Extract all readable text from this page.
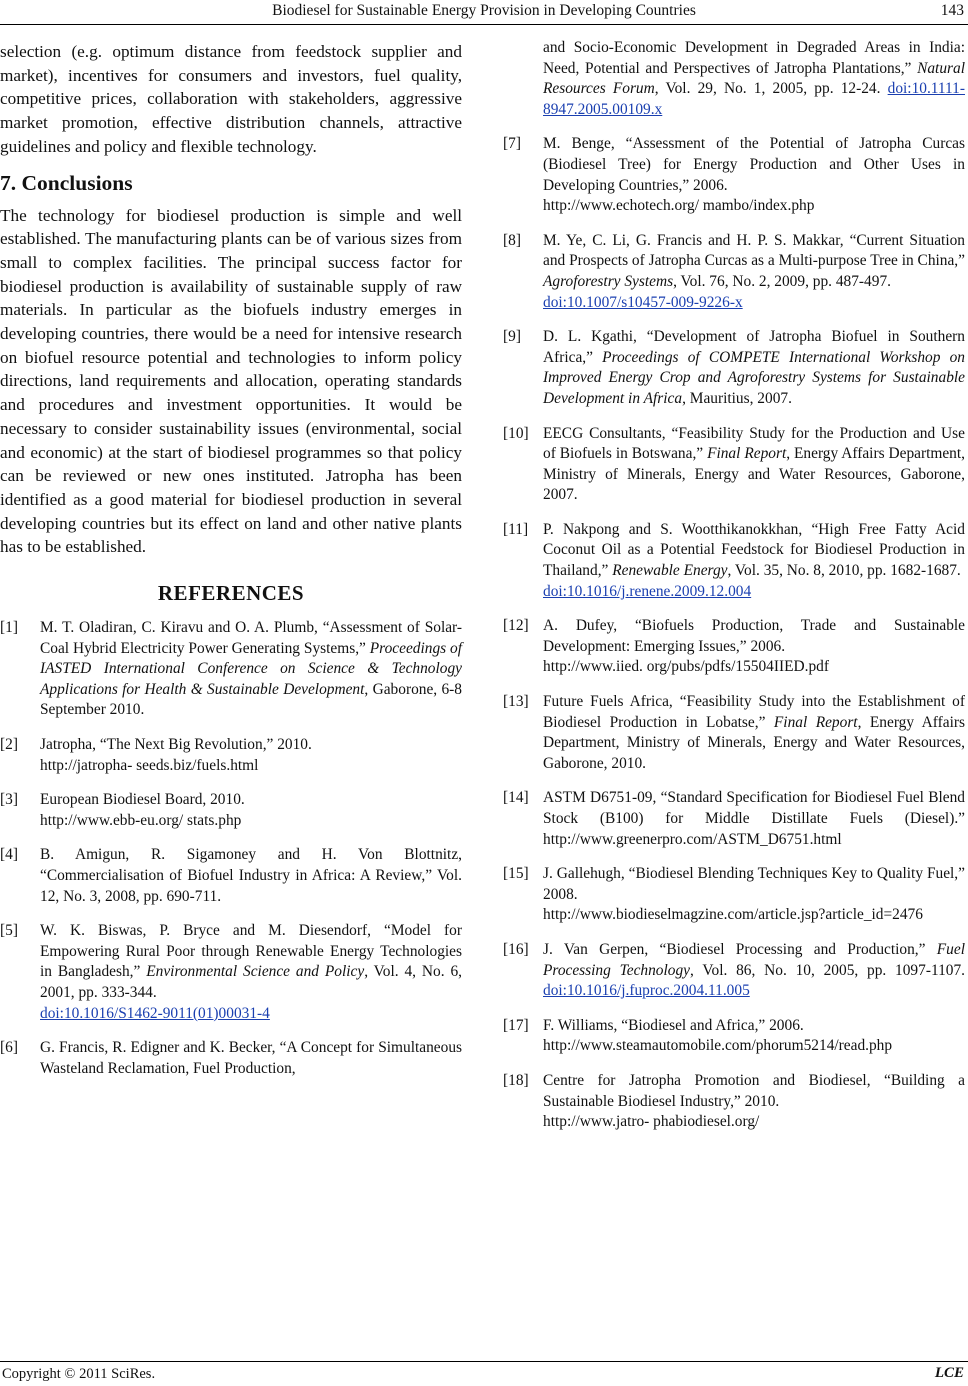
Biodiesel for Sustainable Energy Provision in Developing Countries	143

selection (e.g. optimum distance from feedstock supplier and market), incentives for consumers and investors, fuel quality, competitive prices, collaboration with stakeholders, aggressive market promotion, effective distribution channels, attractive guidelines and policy and flexible technology.

7. Conclusions

The technology for biodiesel production is simple and well established. The manufacturing plants can be of various sizes from small to complex facilities. The principal success factor for biodiesel production is availability of sustainable supply of raw materials. In particular as the biofuels industry emerges in developing countries, there would be a need for intensive research on biofuel resource potential and technologies to inform policy directions, land requirements and allocation, operating standards and procedures and investment opportunities. It would be necessary to consider sustainability issues (environmental, social and economic) at the start of biodiesel programmes so that policy can be reviewed or new ones instituted. Jatropha has been identified as a good material for biodiesel production in several developing countries but its effect on land and other native plants has to be established.

REFERENCES
[1]	M. T. Oladiran, C. Kiravu and O. A. Plumb, “Assessment of Solar-Coal Hybrid Electricity Power Generating Systems,” Proceedings of IASTED International Conference on Science & Technology Applications for Health & Sustainable Development, Gaborone, 6-8 September 2010.
[2]	Jatropha, “The Next Big Revolution,” 2010.
http://jatropha- seeds.biz/fuels.html
[3]	European Biodiesel Board, 2010.
http://www.ebb-eu.org/ stats.php
[4]	B. Amigun, R. Sigamoney and H. Von Blottnitz, “Commercialisation of Biofuel Industry in Africa: A Review,” Vol. 12, No. 3, 2008, pp. 690-711.
[5]	W. K. Biswas, P. Bryce and M. Diesendorf, “Model for Empowering Rural Poor through Renewable Energy Technologies in Bangladesh,” Environmental Science and Policy, Vol. 4, No. 6, 2001, pp. 333-344.
doi:10.1016/S1462-9011(01)00031-4
[6]	G. Francis, R. Edigner and K. Becker, “A Concept for Simultaneous Wasteland Reclamation, Fuel Production,
and Socio-Economic Development in Degraded Areas in India: Need, Potential and Perspectives of Jatropha Plantations,” Natural Resources Forum, Vol. 29, No. 1, 2005, pp. 12-24. doi:10.1111-8947.2005.00109.x
[7]	M. Benge, “Assessment of the Potential of Jatropha Curcas (Biodiesel Tree) for Energy Production and Other Uses in Developing Countries,” 2006.
http://www.echotech.org/ mambo/index.php
[8]	M. Ye, C. Li, G. Francis and H. P. S. Makkar, “Current Situation and Prospects of Jatropha Curcas as a Multi-purpose Tree in China,” Agroforestry Systems, Vol. 76, No. 2, 2009, pp. 487-497.
doi:10.1007/s10457-009-9226-x
[9]	D. L. Kgathi, “Development of Jatropha Biofuel in Southern Africa,” Proceedings of COMPETE International Workshop on Improved Energy Crop and Agroforestry Systems for Sustainable Development in Africa, Mauritius, 2007.
[10] EECG Consultants, “Feasibility Study for the Production and Use of Biofuels in Botswana,” Final Report, Energy Affairs Department, Ministry of Minerals, Energy and Water Resources, Gaborone, 2007.
[11] P. Nakpong and S. Wootthikanokkhan, “High Free Fatty Acid Coconut Oil as a Potential Feedstock for Biodiesel Production in Thailand,” Renewable Energy, Vol. 35, No. 8, 2010, pp. 1682-1687.
doi:10.1016/j.renene.2009.12.004
[12] A. Dufey, “Biofuels Production, Trade and Sustainable Development: Emerging Issues,” 2006.
http://www.iied. org/pubs/pdfs/15504IIED.pdf
[13] Future Fuels Africa, “Feasibility Study into the Establishment of Biodiesel Production in Lobatse,” Final Report, Energy Affairs Department, Ministry of Minerals, Energy and Water Resources, Gaborone, 2010.
[14] ASTM D6751-09, “Standard Specification for Biodiesel Fuel Blend Stock (B100) for Middle Distillate Fuels (Diesel).” http://www.greenerpro.com/ASTM_D6751.html
[15] J. Gallehugh, “Biodiesel Blending Techniques Key to Quality Fuel,” 2008.
http://www.biodieselmagzine.com/article.jsp?article_id=2476
[16] J. Van Gerpen, “Biodiesel Processing and Production,” Fuel Processing Technology, Vol. 86, No. 10, 2005, pp. 1097-1107. doi:10.1016/j.fuproc.2004.11.005
[17] F. Williams, “Biodiesel and Africa,” 2006.
http://www.steamautomobile.com/phorum5214/read.php
[18] Centre for Jatropha Promotion and Biodiesel, “Building a Sustainable Biodiesel Industry,” 2010.
http://www.jatro- phabiodiesel.org/
Copyright © 2011 SciRes.	LCE
